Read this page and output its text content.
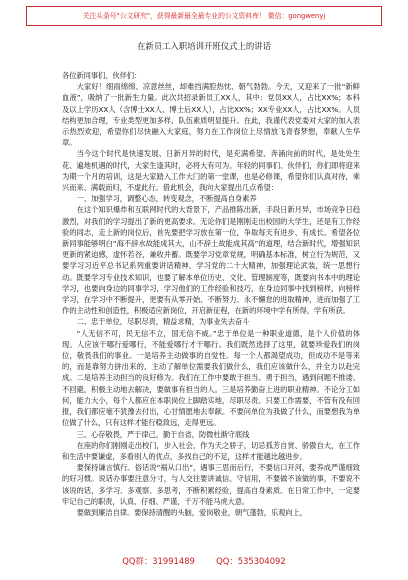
关注头条号"公文研究"，获得最新最全最专业的公文资料库！ 微信：gongwenyj
在新员工入职培训开班仪式上的讲话

各位新同事们、伙伴们：

大家好！细雨绵绵、凉意丝丝，却难挡满腔热忱、朝气勃勃。今天，又迎来了一批“新鲜血液”，吸纳了一批新生力量。此次共招录新员工XX人，其中：党员XX人，占比XX%；本科及以上学历XX人（含博士XX人、博士后XX人），占比XX%；XX专业XX人，占比XX%。人员结构更加合理，专业类型更加多样，队伍素质明显提升。在此，我谨代表党委对大家的加入表示热烈欢迎，希望你们尽快融入大家庭，努力在工作岗位上尽情放飞青春梦想，奉献人生华章。

当今这个时代是快速发展、日新月异的时代，是充满希望、奔涌向前的时代，是处处生花、遍地机遇的时代，大家生逢其时，必将大有可为。年轻的同事们、伙伴们，你们即将迎来为期一个月的培训，这是大家踏入工作大门的第一堂课，也是必修课，希望你们认真对待，乘兴而来、满载而归，不虚此行。借此机会，我向大家提出几点希望：

一、加强学习，调整心态，转变观念，不断提高自身素养

在这个知识爆炸和互联网时代的大背景下，产品推陈出新，手段日新月异，市场竞争日趋激烈，对我们的学习提出了新的更高要求。无论你们是刚刚走出校园的大学生，还是有工作经验的同志，走上新的岗位后，首先要把学习放在第一位，争取每天有进步、有成长。希望各位新同事能够明白“海不辞水故能成其大，山不辞土故能成其高”的道理，结合新时代，增强知识更新的紧迫感，虚怀若谷，兼收并蓄。既要学习党章党规，明确基本标准，树立行为规范，又要学习习近平总书记系列重要讲话精神，学习党的二十大精神，加强理论武装，统一思想行动。既要学习专业技术知识，也要了解本单位历史、文化、管理制度等，既要向书本中的理论学习，也要向身边的同事学习，学习他们的工作经验和技巧，在身边同事中找到榜样，向榜样学习，在学习中不断提升，更要有从零开始、不断努力、永不懈怠的进取精神，进而加强了工作的主动性和创造性，积极适应新岗位，开启新征程，在新的环境中学有所得，学有所获。

二、忠于单位，尽职尽责，精益求精，为事业失去奋斗

“人无信不可，民无信不立，国无信不威。”忠于单位是一种职业道德，是个人价值的体现。人应该干哪行爱哪行，不能爱哪行才干哪行。我们既然选择了这里，就要珍爱我们的岗位，敬畏我们的事业。一是培养主动做事的自觉性。每一个人都渴望成功，但成功不是等来的，而是靠努力拼出来的，主动了解单位需要我们做什么，我们应该做什么，并全力以赴完成。二是培养主动担当的良好修为。我们在工作中要敢于担当、勇于担当，遇到问题不推诿、不回避，积极主动地去解决，要做事有担当的人。三是培养勤奋上进的职业精神。不论分工如何，能力大小，每个人都应在本职岗位上脚踏实地，尽职尽责。只要工作需要，不管有没有回报，我们都应毫不犹豫去付出，心甘情愿地去奉献。不要问单位为我做了什么，而要想我为单位做了什么，只有这样才能行稳致远，走得更远。

三、心存敬畏，严于律己，勤于自省，防微杜渐守底线

在座的你们刚刚走出校门，步入社会，作为天之骄子，切忌孤芳自赏、骄傲自大，在工作和生活中要谦虚，多看别人的优点，多找自己的不足，这样才能越比越进步。

要保持谦言慎行。俗话说“祸从口出”，遇事三思而后行，不要信口开河，要养成严谨细致的好习惯。说话办事要注意分寸，与人交往要讲诚信、守信用，不要做不该做的事，不要说不该说的话，多学习、多观察、多思考，不断积累经验，提高自身素质。在日常工作中，一定要牢记自己的职责，认真、仔细、严谨，千万不能马虎大意。

要做到廉洁自律。要保持清醒的头脑，爱岗敬业，朝气蓬勃，乐观向上，

QQ群：31991489	QQ：535304092
